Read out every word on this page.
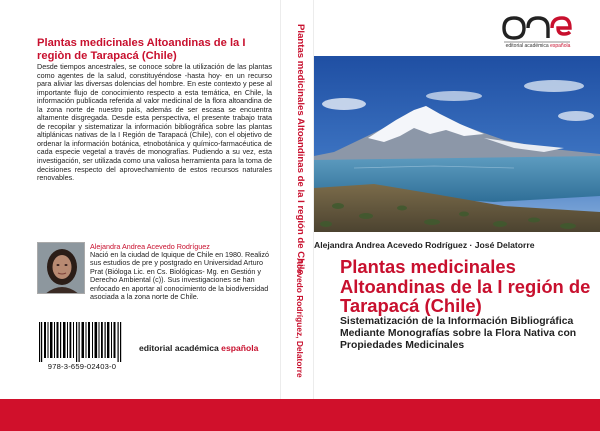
Plantas medicinales Altoandinas de la I regiòn de Tarapacá (Chile)
Desde tiempos ancestrales, se conoce sobre la utilización de las plantas como agentes de la salud, constituyéndose -hasta hoy- en un recurso para aliviar las diversas dolencias del hombre. En este contexto y pese al importante flujo de conocimiento respecto a esta temática, en Chile, la información publicada referida al valor medicinal de la flora altoandina de la zona norte de nuestro país, además de ser escasa se encuentra altamente disgregada. Desde esta perspectiva, el presente trabajo trata de recopilar y sistematizar la información bibliográfica sobre las plantas altiplánicas nativas de la I Región de Tarapacá (Chile), con el objetivo de ordenar la información botánica, etnobotánica y químico-farmacéutica de cada especie vegetal a través de monografías. Pudiendo a su vez, esta investigación, ser utilizada como una valiosa herramienta para la toma de decisiones respecto del aprovechamiento de estos recursos naturales renovables.
Alejandra Andrea Acevedo Rodríguez
Nació en la ciudad de Iquique de Chile en 1980. Realizó sus estudios de pre y postgrado en Universidad Arturo Prat (Bióloga Lic. en Cs. Biológicas- Mg. en Gestión y Derecho Ambiental (c)). Sus investigaciones se han enfocado en aportar al conocimiento de la biodiversidad asociada a la zona norte de Chile.
978-3-659-02403-0
editorial académica española
Plantas medicinales Altoandinas de la I región de Chile
Acevedo Rodríguez, Delatorre
editorial académica española
Alejandra Andrea Acevedo Rodríguez · José Delatorre
Plantas medicinales Altoandinas de la I región de Tarapacá (Chile)
Sistematización de la Información Bibliográfica Mediante Monografías sobre la Flora Nativa con Propiedades Medicinales
